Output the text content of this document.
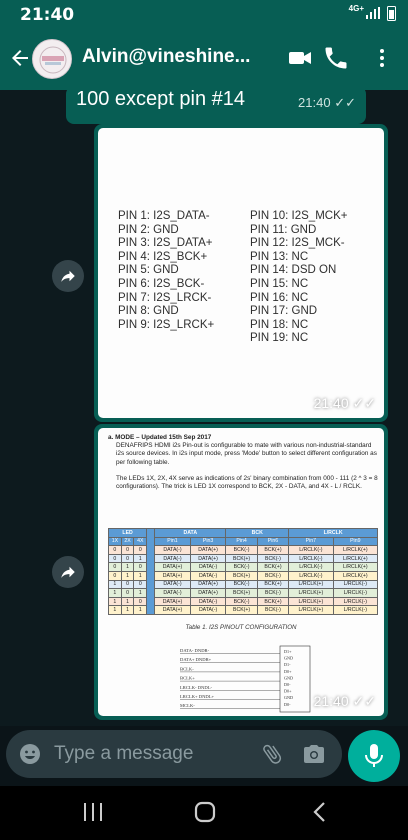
21:40	4G+
Alvin@vineshine...
100 except pin #14	21:40 ✓✓
PIN 1: I2S_DATA-
PIN 2: GND
PIN 3: I2S_DATA+
PIN 4: I2S_BCK+
PIN 5: GND
PIN 6: I2S_BCK-
PIN 7: I2S_LRCK-
PIN 8: GND
PIN 9: I2S_LRCK+
PIN 10: I2S_MCK+
PIN 11: GND
PIN 12: I2S_MCK-
PIN 13: NC
PIN 14: DSD ON
PIN 15: NC
PIN 16: NC
PIN 17: GND
PIN 18: NC
PIN 19: NC
21:40 ✓✓
a. MODE – Updated 15th Sep 2017

DENAFRIPS HDMI i2s Pin-out is configurable to mate with various non-industrial-standard i2s source devices. In i2s input mode, press 'Mode' button to select different configuration as per following table.

The LEDs 1X, 2X, 4X serve as indications of 2s' binary combination from 000 - 111 (2 ^ 3 = 8 configurations). The trick is LED 1X correspond to BCK, 2X - DATA, and 4X - L / RCLK.

LED				DATA		BCK		L/RCLK	
1X	2X	4X		Pin1	Pin3	Pin4	Pin6	Pin7	Pin9
0	0	0		DATA(-)	DATA(+)	BCK(-)	BCK(+)	L/RCLK(-)	L/RCLK(+)
0	0	1		DATA(-)	DATA(+)	BCK(+)	BCK(-)	L/RCLK(-)	L/RCLK(+)
0	1	0		DATA(+)	DATA(-)	BCK(-)	BCK(+)	L/RCLK(-)	L/RCLK(+)
0	1	1		DATA(+)	DATA(-)	BCK(+)	BCK(-)	L/RCLK(-)	L/RCLK(+)
1	0	0		DATA(-)	DATA(+)	BCK(-)	BCK(+)	L/RCLK(+)	L/RCLK(-)
1	0	1		DATA(-)	DATA(+)	BCK(+)	BCK(-)	L/RCLK(+)	L/RCLK(-)
1	1	0		DATA(+)	DATA(-)	BCK(-)	BCK(+)	L/RCLK(+)	L/RCLK(-)
1	1	1		DATA(+)	DATA(-)	BCK(+)	BCK(-)	L/RCLK(+)	L/RCLK(-)
Table 1. I2S PINOUT CONFIGURATION
DATA- DNDR-
DATA+ DNDR+
BCLK-
BCLK+
LRCLK- DNDL-
LRCLK+ DNDL+
MCLK-
D1+
GND
D1-
D0+
GND
D0-
D0+
GND
D0- 21:40 ✓✓
Type a message
